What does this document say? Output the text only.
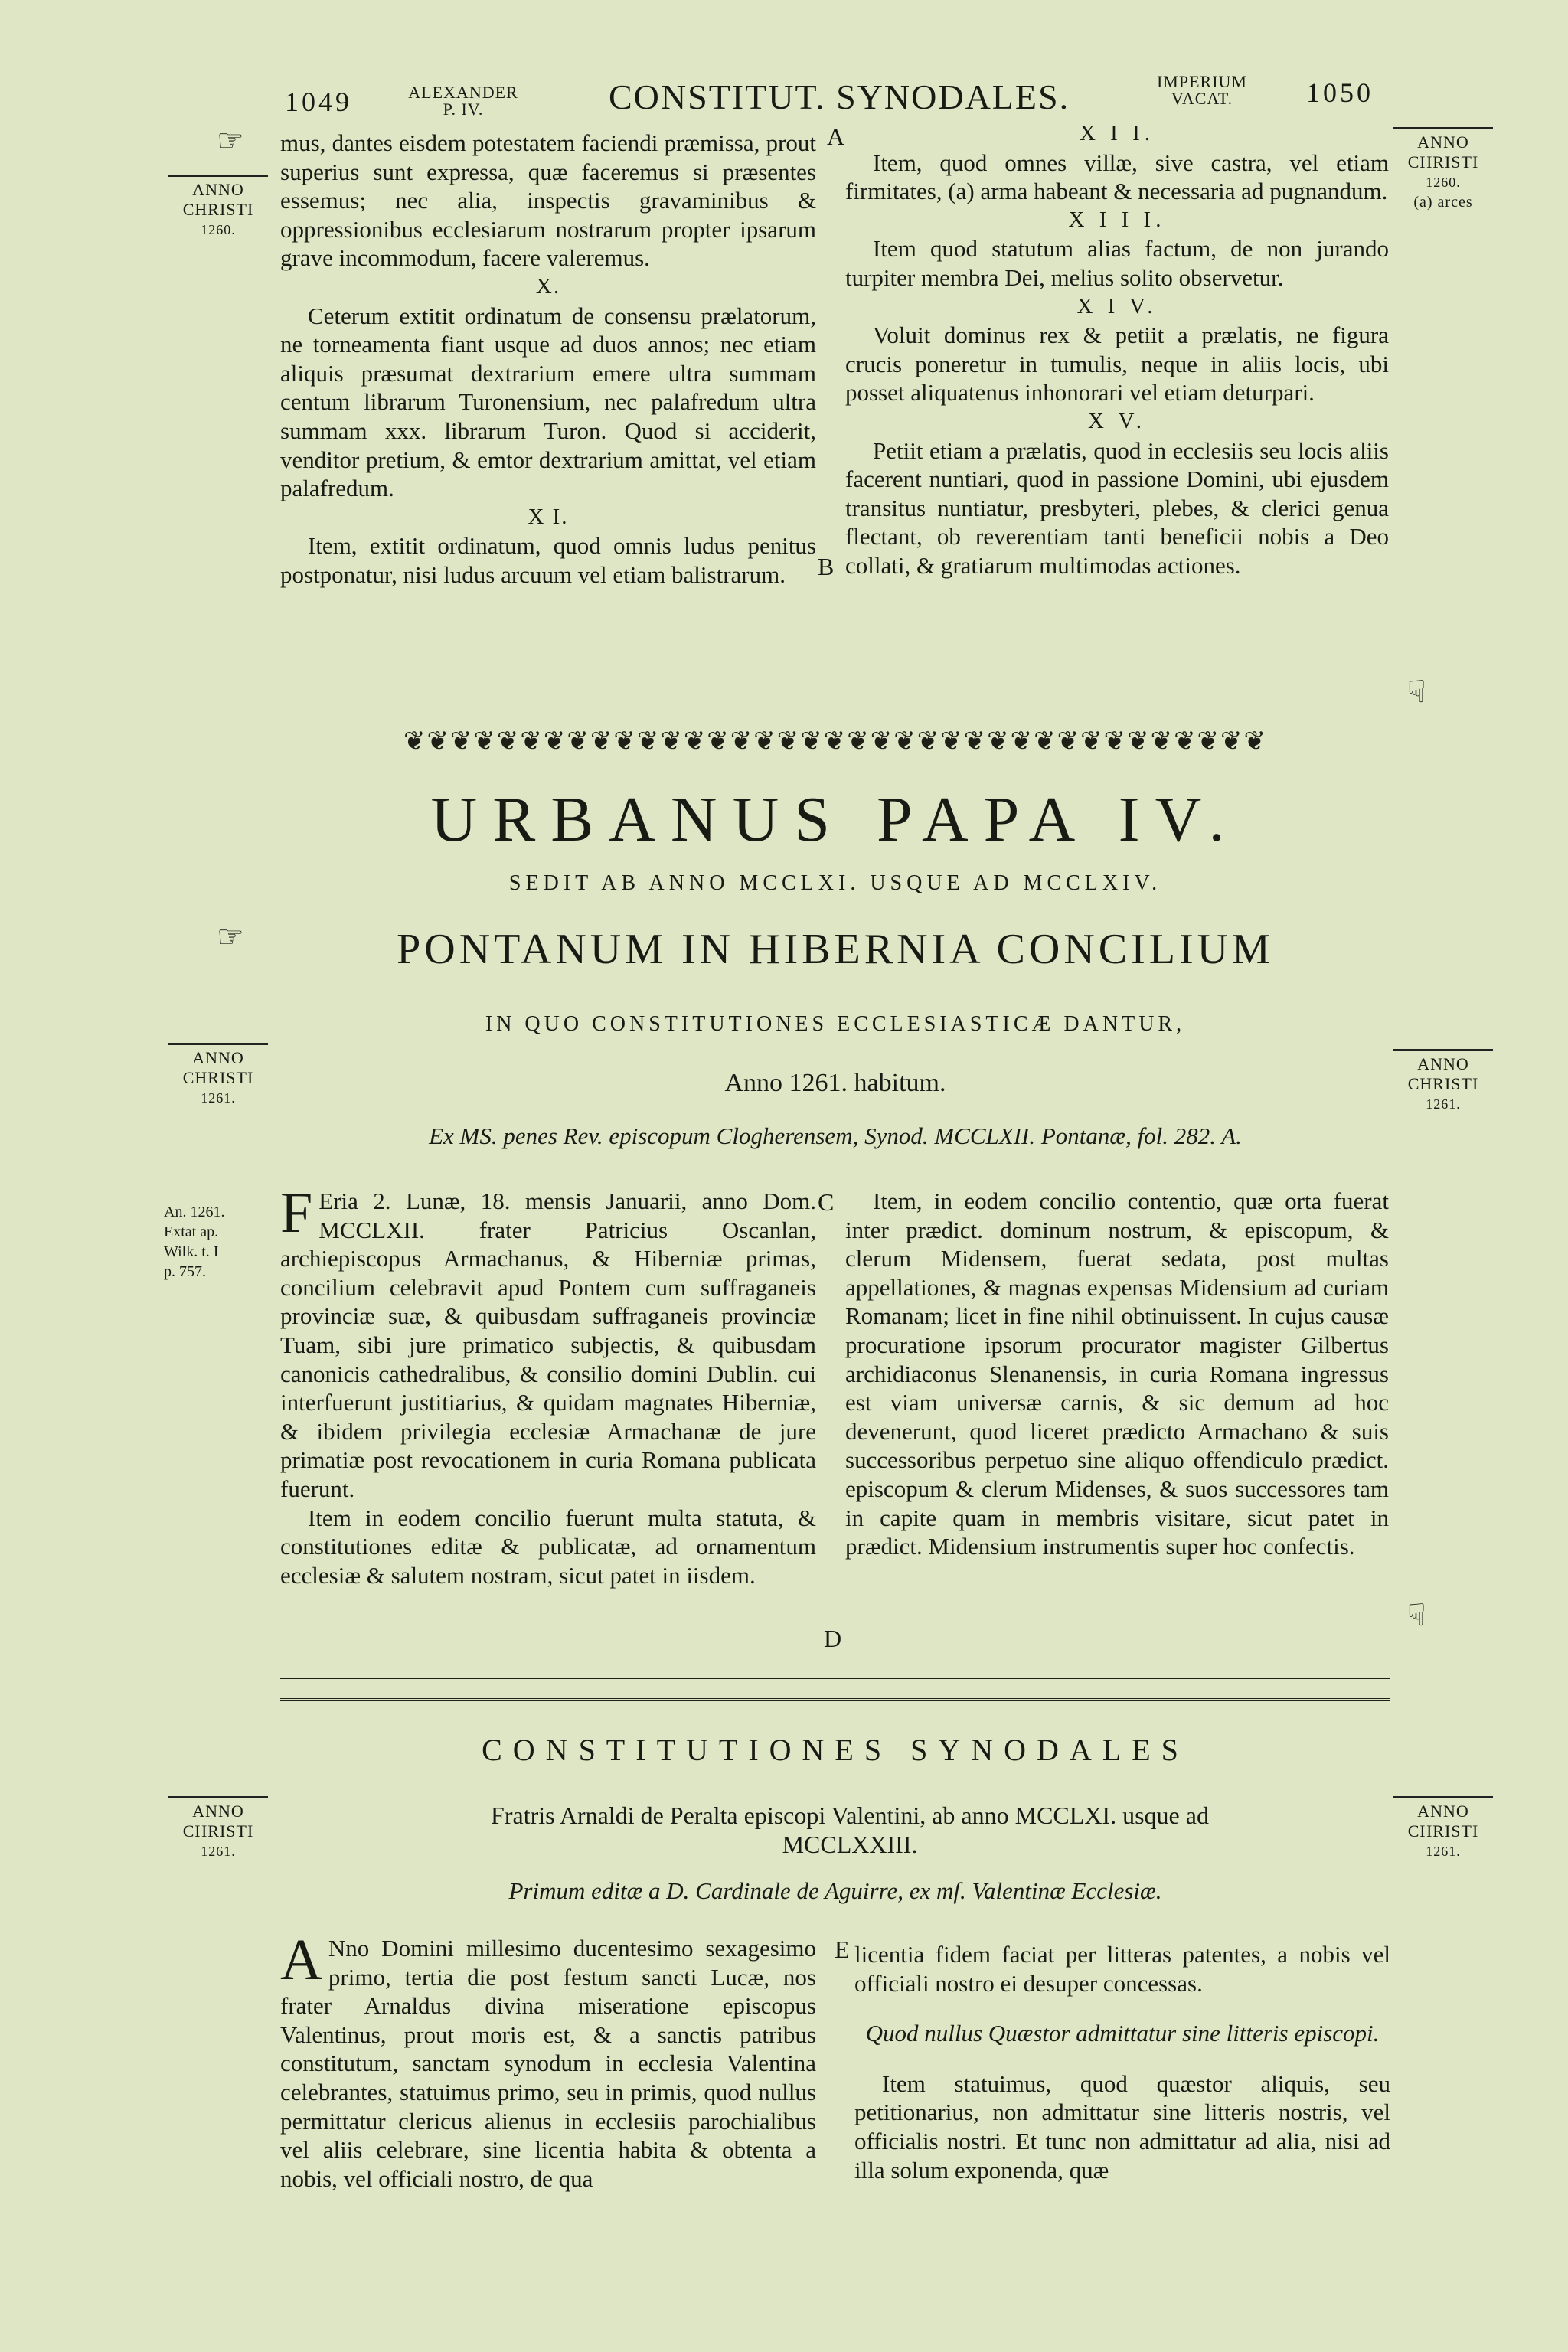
1049	ALEXANDER
P. IV.	CONSTITUT. SYNODALES.	IMPERIUM
VACAT.	1050
☞
ANNO
CHRISTI
1260.
ANNO
CHRISTI
1260.
(a) arces

mus, dantes eisdem potestatem faciendi præmissa, prout superius sunt expressa, quæ faceremus si præsentes essemus; nec alia, inspectis gravaminibus & oppressionibus ecclesiarum nostrarum propter ipsarum grave incommodum, facere valeremus.

X.

Ceterum extitit ordinatum de consensu prælatorum, ne torneamenta fiant usque ad duos annos; nec etiam aliquis præsumat dextrarium emere ultra summam centum librarum Turonensium, nec palafredum ultra summam xxx. librarum Turon. Quod si acciderit, venditor pretium, & emtor dextrarium amittat, vel etiam palafredum.

X I.

Item, extitit ordinatum, quod omnis ludus penitus postponatur, nisi ludus arcuum vel etiam balistrarum.

A
B

X I I.

Item, quod omnes villæ, sive castra, vel etiam firmitates, (a) arma habeant & necessaria ad pugnandum.

X I I I.

Item quod statutum alias factum, de non jurando turpiter membra Dei, melius solito observetur.

X I V.

Voluit dominus rex & petiit a prælatis, ne figura crucis poneretur in tumulis, neque in aliis locis, ubi posset aliquatenus inhonorari vel etiam deturpari.

X V.

Petiit etiam a prælatis, quod in ecclesiis seu locis aliis facerent nuntiari, quod in passione Domini, ubi ejusdem transitus nuntiatur, presbyteri, plebes, & clerici genua flectant, ob reverentiam tanti beneficii nobis a Deo collati, & gratiarum multimodas actiones.

☟
❦❦❦❦❦❦❦❦❦❦❦❦❦❦❦❦❦❦❦❦❦❦❦❦❦❦❦❦❦❦❦❦❦❦❦❦❦
URBANUS PAPA IV.
SEDIT AB ANNO MCCLXI. USQUE AD MCCLXIV.
☞	PONTANUM IN HIBERNIA CONCILIUM
IN QUO CONSTITUTIONES ECCLESIASTICÆ DANTUR,
Anno 1261. habitum.
Ex MS. penes Rev. episcopum Clogherensem, Synod. MCCLXII. Pontanæ, fol. 282. A.
ANNO
CHRISTI
1261.
ANNO
CHRISTI
1261.
An. 1261.
Extat ap.
Wilk. t. I
p. 757.
F Eria 2. Lunæ, 18. mensis Januarii, anno Dom. MCCLXII. frater Patricius Oscanlan, archiepiscopus Armachanus, & Hiberniæ primas, concilium celebravit apud Pontem cum suffraganeis provinciæ suæ, & quibusdam suffraganeis provinciæ Tuam, sibi jure primatico subjectis, & quibusdam canonicis cathedralibus, & consilio domini Dublin. cui interfuerunt justitiarius, & quidam magnates Hiberniæ, & ibidem privilegia ecclesiæ Armachanæ de jure primatiæ post revocationem in curia Romana publicata fuerunt.

Item in eodem concilio fuerunt multa statuta, & constitutiones editæ & publicatæ, ad ornamentum ecclesiæ & salutem nostram, sicut patet in iisdem.

C
D

Item, in eodem concilio contentio, quæ orta fuerat inter prædict. dominum nostrum, & episcopum, & clerum Midensem, fuerat sedata, post multas appellationes, & magnas expensas Midensium ad curiam Romanam; licet in fine nihil obtinuissent. In cujus causæ procuratione ipsorum procurator magister Gilbertus archidiaconus Slenanensis, in curia Romana ingressus est viam universæ carnis, & sic demum ad hoc devenerunt, quod liceret prædicto Armachano & suis successoribus perpetuo sine aliquo offendiculo prædict. episcopum & clerum Midenses, & suos successores tam in capite quam in membris visitare, sicut patet in prædict. Midensium instrumentis super hoc confectis.

☟
CONSTITUTIONES SYNODALES
ANNO
CHRISTI
1261.
ANNO
CHRISTI
1261.
Fratris Arnaldi de Peralta episcopi Valentini, ab anno MCCLXI. usque ad MCCLXXIII.
Primum editæ a D. Cardinale de Aguirre, ex mſ. Valentinæ Ecclesiæ.
A Nno Domini millesimo ducentesimo sexagesimo primo, tertia die post festum sancti Lucæ, nos frater Arnaldus divina miseratione episcopus Valentinus, prout moris est, & a sanctis patribus constitutum, sanctam synodum in ecclesia Valentina celebrantes, statuimus primo, seu in primis, quod nullus permittatur clericus alienus in ecclesiis parochialibus vel aliis celebrare, sine licentia habita & obtenta a nobis, vel officiali nostro, de qua

E licentia fidem faciat per litteras patentes, a nobis vel officiali nostro ei desuper concessas.

Quod nullus Quæstor admittatur sine litteris episcopi.

Item statuimus, quod quæstor aliquis, seu petitionarius, non admittatur sine litteris nostris, vel officialis nostri. Et tunc non admittatur ad alia, nisi ad illa solum exponenda, quæ
